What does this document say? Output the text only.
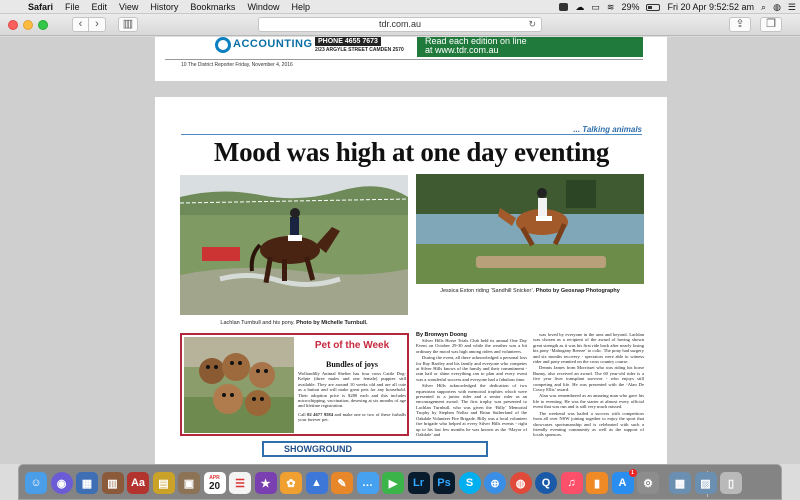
Safari	File	Edit	View	History	Bookmarks	Window	Help	☁ ▭ ≋ 29%	Fri 20 Apr 9:52:52 am ⌕ ◍ ☰
‹	›	▥	tdr.com.au	↻	⇪	❐
ACCOUNTING PHONE 4655 7673
2/23 ARGYLE STREET CAMDEN 2570
Read each edition on line
at www.tdr.com.au
10 The District Reporter Friday, November 4, 2016
... Talking animals
Mood was high at one day eventing
Lachlan Turnbull and his pony. Photo by Michelle Turnbull.
Jessica Exton riding ‘Sandhill Snicker’. Photo by Geosnap Photography
Pet of the Week
Bundles of joys

Wollondilly Animal Shelter has four cross Cattle Dog- Kelpie (three males and one female) puppies still available. They are around 10 weeks old and are all cute as a button and will make great pets for any household. Their adoption price is $280 each and this includes microchipping, vaccination, desexing at six months of age and lifetime registration.

Call 02 4677 9584 and make one or two of these furballs your furever pet.

By Bronwyn Doong

Silver Hills Horse Trials Club held its annual One Day Event on October 29-30 and while the weather was a bit ordinary the mood was high among riders and volunteers.

During the event, all there acknowledged a personal loss for Ray Bartley and his family and everyone who competes at Silver Hills knows of the family and their commitment - rain hail or shine everything ran to plan and every event was a wonderful success and everyone had a fabulous time.

Silver Hills acknowledged the dedication of two equestrian supporters with memorial trophies which were presented to a junior rider and a senior rider as an encouragement award. The first trophy was presented to Lachlan Turnbull, who was given the ‘Billy’ Memorial Trophy by Stephen Nollar and Brian Sutherland of the Oakdale Volunteer Fire Brigade. Billy was a local volunteer fire brigade who helped at every Silver Hills events - right up to his last few months he was known as the ‘Mayor of Oakdale’ and

was loved by everyone in the area and beyond. Lachlan was chosen as a recipient of the award of having shown great strength as it was his first ride back after nearly losing his pony ‘Mahogany Breeze’ to colic. The pony had surgery and six months recovery - spectators were able to witness rider and pony reunited on the cross country course.

Dennis James from Morrisset who was riding his horse Bunny, also received an award. The 60 year-old rider is a five year liver transplant survivor - who enjoys still competing and life. He was presented with the ‘Alan De Coucy Ellis’ award.

Alan was remembered as an amazing man who gave his life to eventing. He was the starter at almost every official event that was run and is still very much missed.

The weekend was hailed a success with competitors from all over NSW joining together to enjoy the sport that showcases sportsmanship and is celebrated with such a friendly eventing community as well as the support of locals sponsors.

SHOWGROUND
☺	◉	▦	▥	Aa	▤	▣	APR
20	☰	★	✿	▲	✎	…	▶	Lr	Ps	S	⊕	◍	Q	♫	▮	A
1
⚙	▩	▨	▯
